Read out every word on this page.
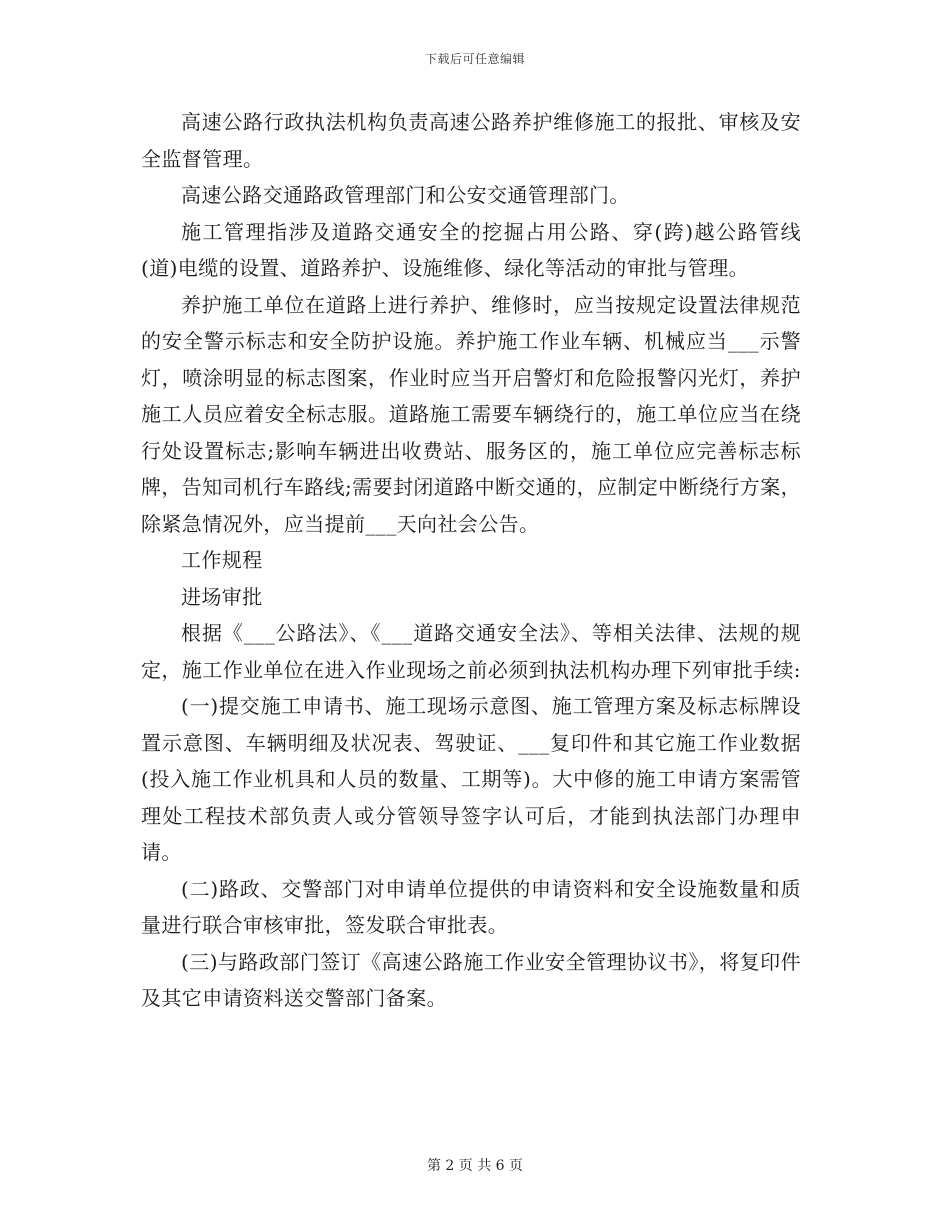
下载后可任意编辑

高速公路行政执法机构负责高速公路养护维修施工的报批、审核及安全监督管理。

高速公路交通路政管理部门和公安交通管理部门。

施工管理指涉及道路交通安全的挖掘占用公路、穿(跨)越公路管线(道)电缆的设置、道路养护、设施维修、绿化等活动的审批与管理。

养护施工单位在道路上进行养护、维修时，应当按规定设置法律规范的安全警示标志和安全防护设施。养护施工作业车辆、机械应当___示警灯，喷涂明显的标志图案，作业时应当开启警灯和危险报警闪光灯，养护施工人员应着安全标志服。道路施工需要车辆绕行的，施工单位应当在绕行处设置标志;影响车辆进出收费站、服务区的，施工单位应完善标志标牌，告知司机行车路线;需要封闭道路中断交通的，应制定中断绕行方案，除紧急情况外，应当提前___天向社会公告。

工作规程

进场审批

根据《___公路法》、《___道路交通安全法》、等相关法律、法规的规定，施工作业单位在进入作业现场之前必须到执法机构办理下列审批手续:

(一)提交施工申请书、施工现场示意图、施工管理方案及标志标牌设置示意图、车辆明细及状况表、驾驶证、___复印件和其它施工作业数据(投入施工作业机具和人员的数量、工期等)。大中修的施工申请方案需管理处工程技术部负责人或分管领导签字认可后，才能到执法部门办理申请。

(二)路政、交警部门对申请单位提供的申请资料和安全设施数量和质量进行联合审核审批，签发联合审批表。

(三)与路政部门签订《高速公路施工作业安全管理协议书》，将复印件及其它申请资料送交警部门备案。

第 2 页 共 6 页
